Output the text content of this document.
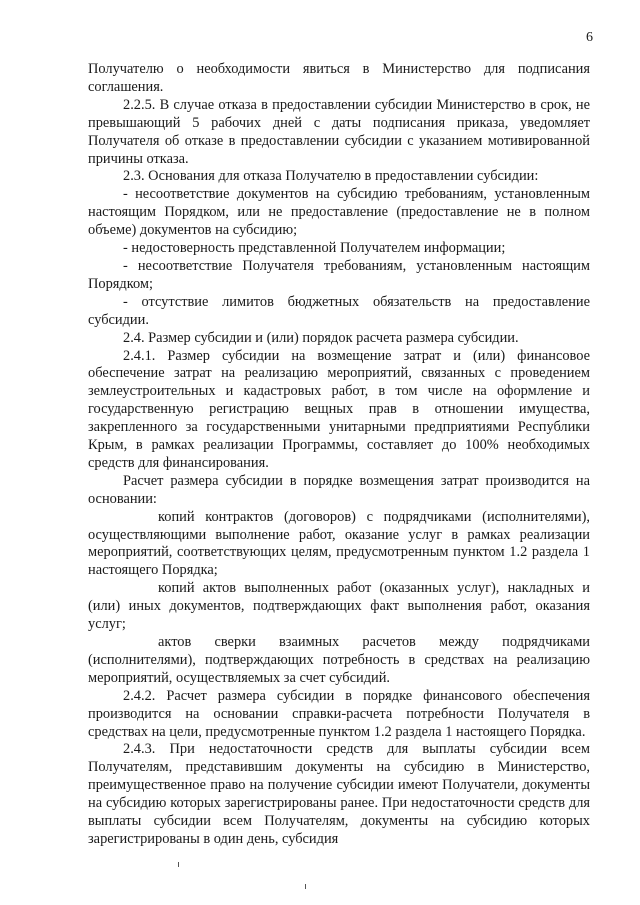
6

Получателю о необходимости явиться в Министерство для подписания соглашения.

2.2.5. В случае отказа в предоставлении субсидии Министерство в срок, не превышающий 5 рабочих дней с даты подписания приказа, уведомляет Получателя об отказе в предоставлении субсидии с указанием мотивированной причины отказа.

2.3. Основания для отказа Получателю в предоставлении субсидии:

- несоответствие документов на субсидию требованиям, установленным настоящим Порядком, или не предоставление (предоставление не в полном объеме) документов на субсидию;

- недостоверность представленной Получателем информации;

- несоответствие Получателя требованиям, установленным настоящим Порядком;

- отсутствие лимитов бюджетных обязательств на предоставление субсидии.

2.4. Размер субсидии и (или) порядок расчета размера субсидии.

2.4.1. Размер субсидии на возмещение затрат и (или) финансовое обеспечение затрат на реализацию мероприятий, связанных с проведением землеустроительных и кадастровых работ, в том числе на оформление и государственную регистрацию вещных прав в отношении имущества, закрепленного за государственными унитарными предприятиями Республики Крым, в рамках реализации Программы, составляет до 100% необходимых средств для финансирования.

Расчет размера субсидии в порядке возмещения затрат производится на основании:

копий контрактов (договоров) с подрядчиками (исполнителями), осуществляющими выполнение работ, оказание услуг в рамках реализации мероприятий, соответствующих целям, предусмотренным пунктом 1.2 раздела 1 настоящего Порядка;

копий актов выполненных работ (оказанных услуг), накладных и (или) иных документов, подтверждающих факт выполнения работ, оказания услуг;

актов сверки взаимных расчетов между подрядчиками (исполнителями), подтверждающих потребность в средствах на реализацию мероприятий, осуществляемых за счет субсидий.

2.4.2. Расчет размера субсидии в порядке финансового обеспечения производится на основании справки-расчета потребности Получателя в средствах на цели, предусмотренные пунктом 1.2 раздела 1 настоящего Порядка.

2.4.3. При недостаточности средств для выплаты субсидии всем Получателям, представившим документы на субсидию в Министерство, преимущественное право на получение субсидии имеют Получатели, документы на субсидию которых зарегистрированы ранее. При недостаточности средств для выплаты субсидии всем Получателям, документы на субсидию которых зарегистрированы в один день, субсидия
